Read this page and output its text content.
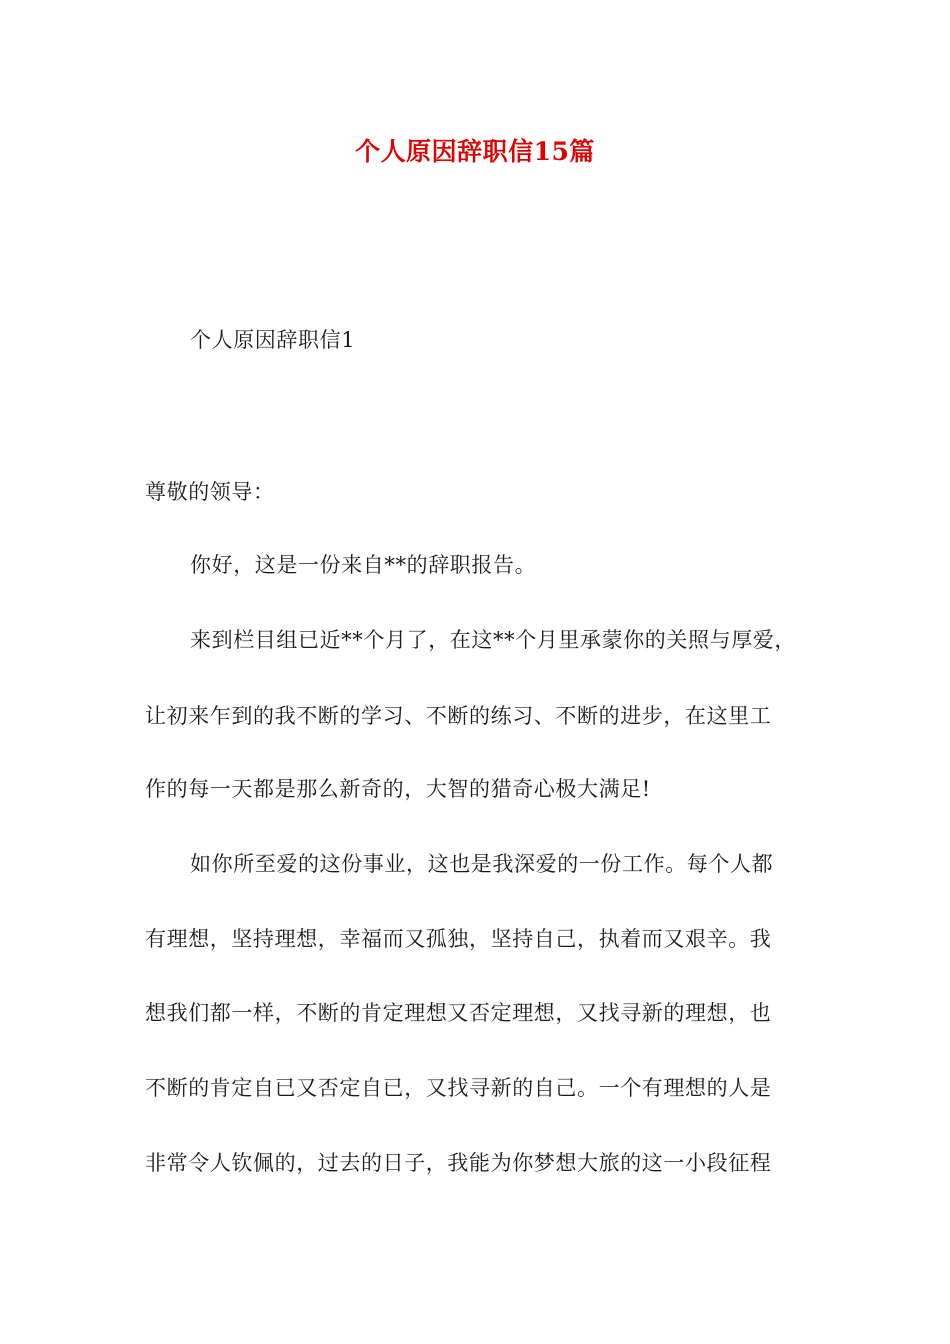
个人原因辞职信15篇
个人原因辞职信1
尊敬的领导：
你好，这是一份来自**的辞职报告。
来到栏目组已近**个月了，在这**个月里承蒙你的关照与厚爱，
让初来乍到的我不断的学习、不断的练习、不断的进步，在这里工
作的每一天都是那么新奇的，大智的猎奇心极大满足!
如你所至爱的这份事业，这也是我深爱的一份工作。每个人都
有理想，坚持理想，幸福而又孤独，坚持自己，执着而又艰辛。我
想我们都一样，不断的肯定理想又否定理想，又找寻新的理想，也
不断的肯定自已又否定自已，又找寻新的自己。一个有理想的人是
非常令人钦佩的，过去的日子，我能为你梦想大旅的这一小段征程
